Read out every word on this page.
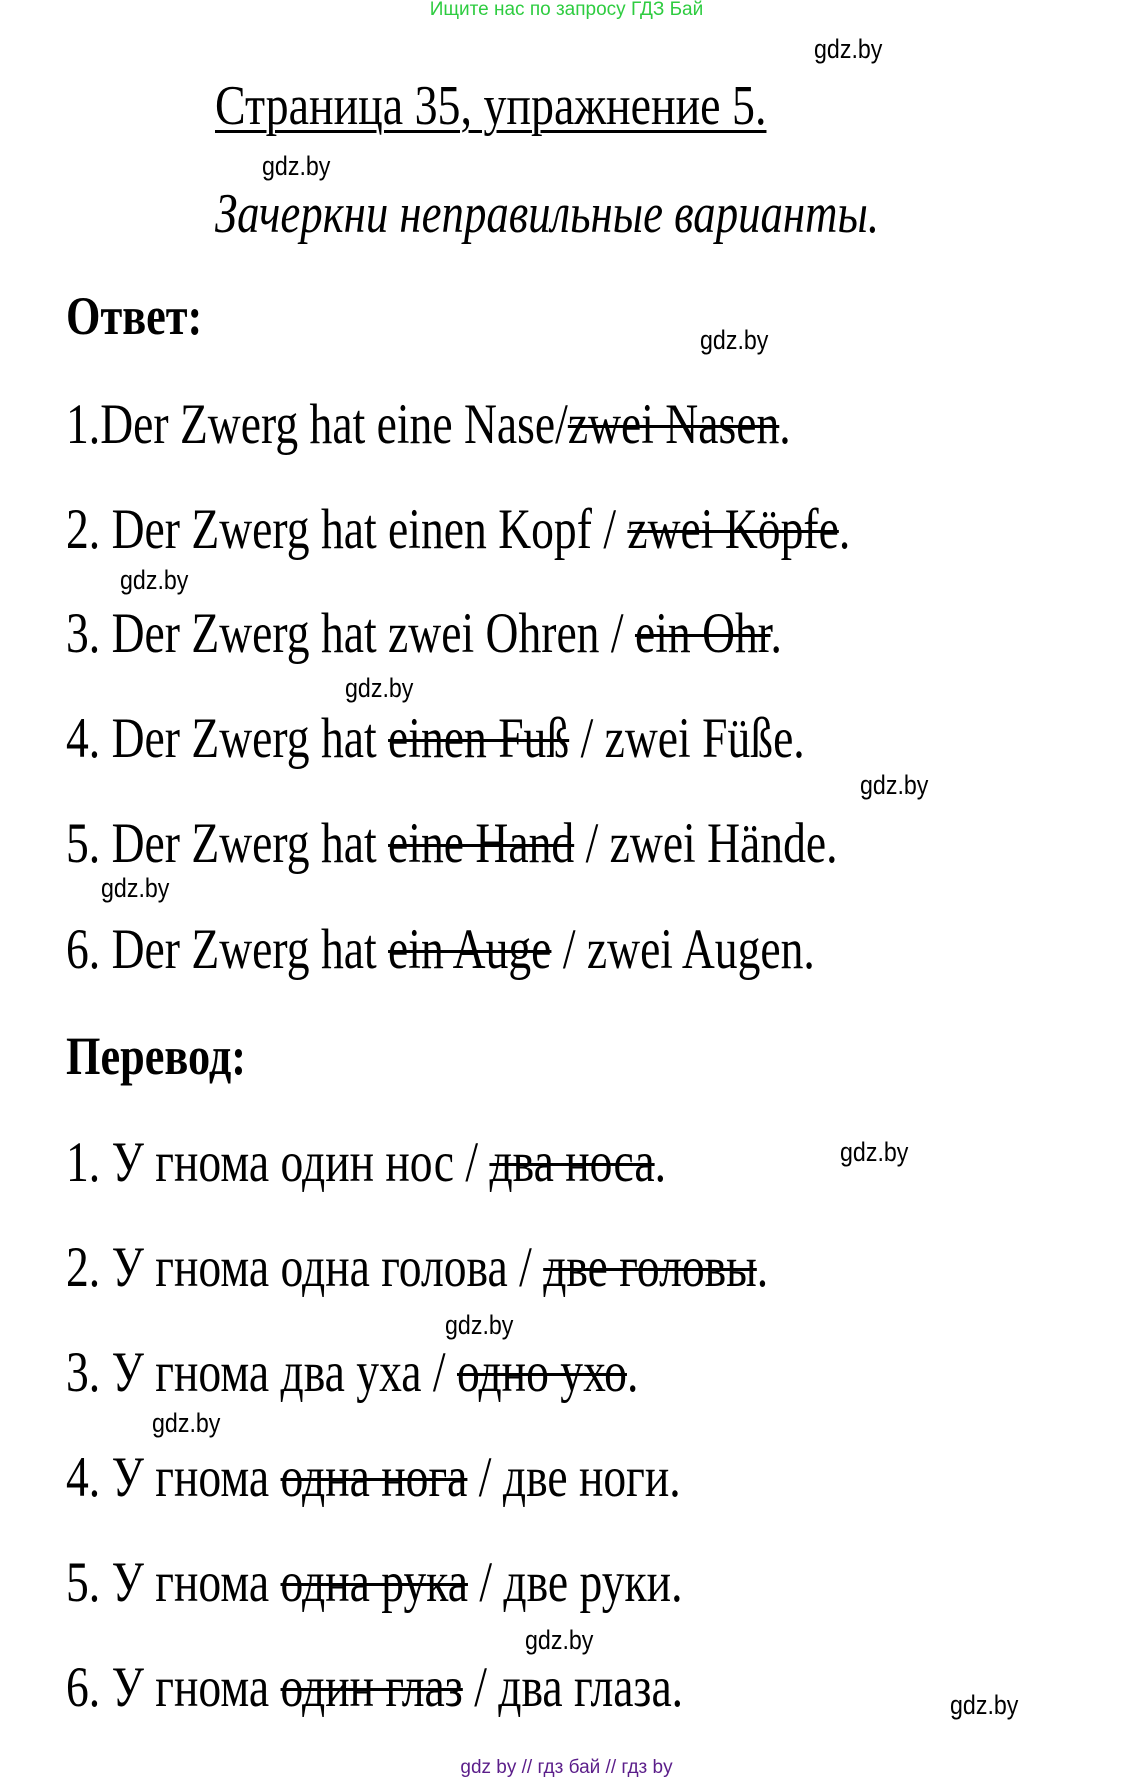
Ищите нас по запросу ГДЗ Бай
gdz.by
Страница 35, упражнение 5.
gdz.by
Зачеркни неправильные варианты.
Ответ:	gdz.by
1.Der Zwerg hat eine Nase/zwei Nasen.
2. Der Zwerg hat einen Kopf / zwei Köpfe.
gdz.by
3. Der Zwerg hat zwei Ohren / ein Ohr.
gdz.by
4. Der Zwerg hat einen Fuß / zwei Füße.
gdz.by
5. Der Zwerg hat eine Hand / zwei Hände.
gdz.by
6. Der Zwerg hat ein Auge / zwei Augen.
Перевод:
1. У гнома один нос / два носа.	gdz.by
2. У гнома одна голова / две головы.
gdz.by
3. У гнома два уха / одно ухо.
gdz.by
4. У гнома одна нога / две ноги.
5. У гнома одна рука / две руки.
gdz.by
6. У гнома один глаз / два глаза.	gdz.by
gdz by // гдз бай // гдз by
